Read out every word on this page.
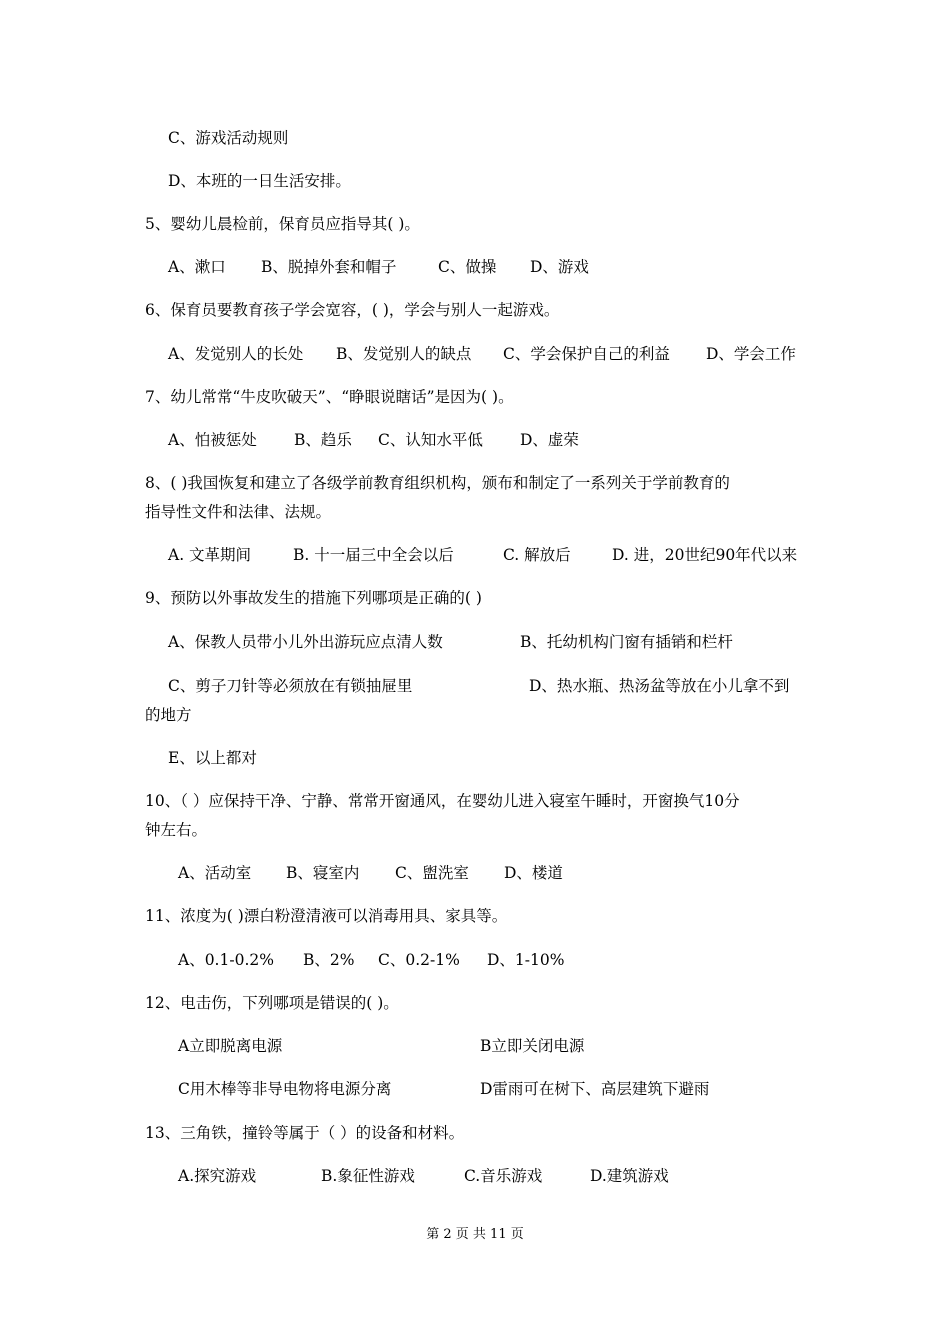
C、游戏活动规则
D、本班的一日生活安排。
5、婴幼儿晨检前，保育员应指导其( )。
A、漱口 B、脱掉外套和帽子	C、做操 D、游戏
6、保育员要教育孩子学会宽容，( )，学会与别人一起游戏。
A、发觉别人的长处 B、发觉别人的缺点 C、学会保护自己的利益 D、学会工作
7、幼儿常常“牛皮吹破天”、“睁眼说瞎话”是因为( )。
A、怕被惩处 B、趋乐 C、认知水平低 D、虚荣
8、( )我国恢复和建立了各级学前教育组织机构，颁布和制定了一系列关于学前教育的
指导性文件和法律、法规。
A. 文革期间	B. 十一届三中全会以后	C. 解放后	D. 进，20世纪90年代以来
9、预防以外事故发生的措施下列哪项是正确的( )
A、保教人员带小儿外出游玩应点清人数	B、托幼机构门窗有插销和栏杆
C、剪子刀针等必须放在有锁抽屉里	D、热水瓶、热汤盆等放在小儿拿不到
的地方
E、以上都对
10、（ ）应保持干净、宁静、常常开窗通风，在婴幼儿进入寝室午睡时，开窗换气10分
钟左右。
A、活动室 B、寝室内 C、盥洗室 D、楼道
11、浓度为( )漂白粉澄清液可以消毒用具、家具等。
A、0.1-0.2% B、2% C、0.2-1% D、1-10%
12、电击伤，下列哪项是错误的( )。
A立即脱离电源	B立即关闭电源
C用木棒等非导电物将电源分离	D雷雨可在树下、高层建筑下避雨
13、三角铁，撞铃等属于（ ）的设备和材料。
A.探究游戏	B.象征性游戏	C.音乐游戏	D.建筑游戏
第 2 页 共 11 页
